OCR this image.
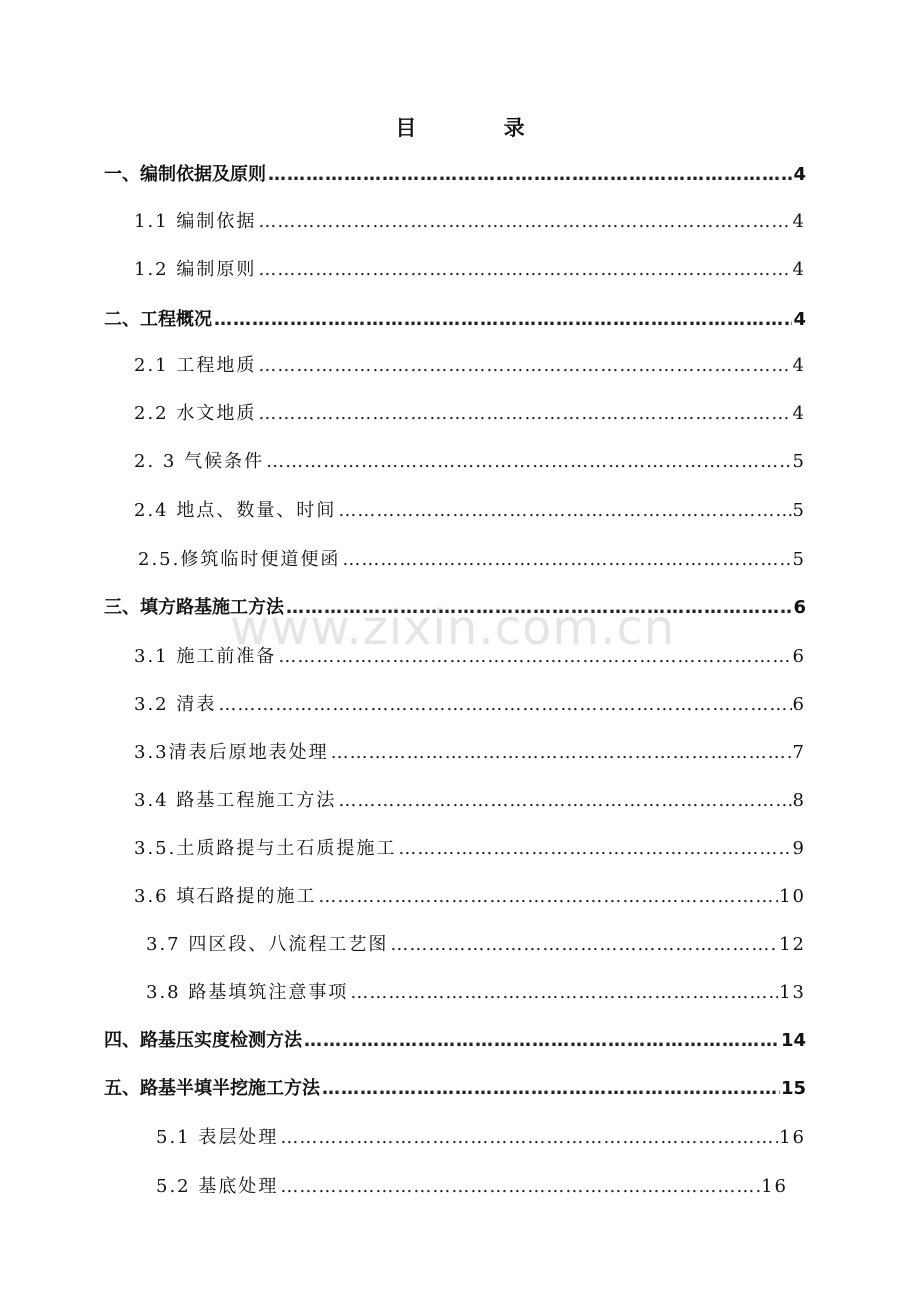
目 录
www.zixin.com.cn
一、编制依据及原则 ……………………………………………………………………………………………………………………………………………………………………………………………………	4
1.1 编制依据 ……………………………………………………………………………………………………………………………………………………………………………………………………	4
1.2 编制原则 ……………………………………………………………………………………………………………………………………………………………………………………………………	4
二、工程概况 ……………………………………………………………………………………………………………………………………………………………………………………………………	4
2.1 工程地质 ……………………………………………………………………………………………………………………………………………………………………………………………………	4
2.2 水文地质 ……………………………………………………………………………………………………………………………………………………………………………………………………	4
2. 3 气候条件 ……………………………………………………………………………………………………………………………………………………………………………………………………	5
2.4 地点、数量、时间 ……………………………………………………………………………………………………………………………………………………………………………………………………	5
2.5.修筑临时便道便函 ……………………………………………………………………………………………………………………………………………………………………………………………………	5
三、填方路基施工方法 ……………………………………………………………………………………………………………………………………………………………………………………………………	6
3.1 施工前准备 ……………………………………………………………………………………………………………………………………………………………………………………………………	6
3.2 清表 ……………………………………………………………………………………………………………………………………………………………………………………………………	6
3.3清表后原地表处理 ……………………………………………………………………………………………………………………………………………………………………………………………………	7
3.4 路基工程施工方法 ……………………………………………………………………………………………………………………………………………………………………………………………………	8
3.5.土质路提与土石质提施工 ……………………………………………………………………………………………………………………………………………………………………………………………………	9
3.6 填石路提的施工 ……………………………………………………………………………………………………………………………………………………………………………………………………	10
3.7 四区段、八流程工艺图 ……………………………………………………………………………………………………………………………………………………………………………………………………	12
3.8 路基填筑注意事项 ……………………………………………………………………………………………………………………………………………………………………………………………………	13
四、路基压实度检测方法 ……………………………………………………………………………………………………………………………………………………………………………………………………	14
五、路基半填半挖施工方法 ……………………………………………………………………………………………………………………………………………………………………………………………………	15
5.1 表层处理 ……………………………………………………………………………………………………………………………………………………………………………………………………	16
5.2 基底处理 ……………………………………………………………………………………………………………………………………………………………………………………………………	16
